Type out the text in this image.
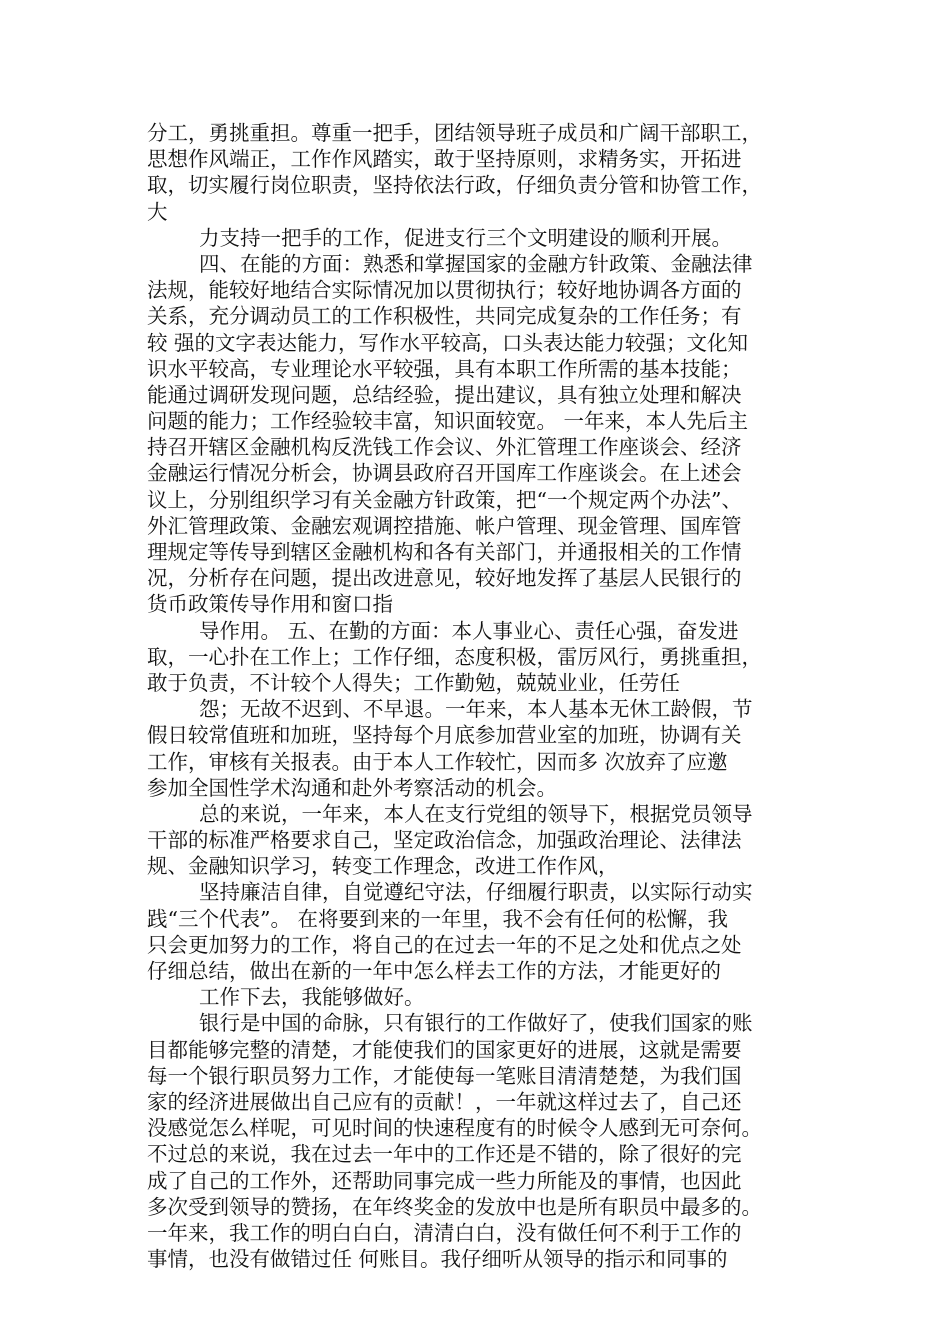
分工，勇挑重担。尊重一把手，团结领导班子成员和广阔干部职工，
思想作风端正，工作作风踏实，敢于坚持原则，求精务实，开拓进
取，切实履行岗位职责，坚持依法行政，仔细负责分管和协管工作，
大
力支持一把手的工作，促进支行三个文明建设的顺利开展。
四、在能的方面：熟悉和掌握国家的金融方针政策、金融法律
法规，能较好地结合实际情况加以贯彻执行；较好地协调各方面的
关系，充分调动员工的工作积极性，共同完成复杂的工作任务；有
较 强的文字表达能力，写作水平较高，口头表达能力较强；文化知
识水平较高，专业理论水平较强，具有本职工作所需的基本技能；
能通过调研发现问题，总结经验，提出建议，具有独立处理和解决
问题的能力；工作经验较丰富，知识面较宽。 一年来，本人先后主
持召开辖区金融机构反洗钱工作会议、外汇管理工作座谈会、经济
金融运行情况分析会，协调县政府召开国库工作座谈会。在上述会
议上，分别组织学习有关金融方针政策，把“一个规定两个办法”、
外汇管理政策、金融宏观调控措施、帐户管理、现金管理、国库管
理规定等传导到辖区金融机构和各有关部门，并通报相关的工作情
况，分析存在问题，提出改进意见，较好地发挥了基层人民银行的
货币政策传导作用和窗口指
导作用。 五、在勤的方面：本人事业心、责任心强，奋发进
取，一心扑在工作上；工作仔细，态度积极，雷厉风行，勇挑重担，
敢于负责，不计较个人得失；工作勤勉，兢兢业业，任劳任
怨；无故不迟到、不早退。一年来，本人基本无休工龄假，节
假日较常值班和加班，坚持每个月底参加营业室的加班，协调有关
工作，审核有关报表。由于本人工作较忙，因而多 次放弃了应邀
参加全国性学术沟通和赴外考察活动的机会。
总的来说，一年来，本人在支行党组的领导下，根据党员领导
干部的标准严格要求自己，坚定政治信念，加强政治理论、法律法
规、金融知识学习，转变工作理念，改进工作作风，
坚持廉洁自律，自觉遵纪守法，仔细履行职责，以实际行动实
践“三个代表”。 在将要到来的一年里，我不会有任何的松懈，我
只会更加努力的工作，将自己的在过去一年的不足之处和优点之处
仔细总结，做出在新的一年中怎么样去工作的方法，才能更好的
工作下去，我能够做好。
银行是中国的命脉，只有银行的工作做好了，使我们国家的账
目都能够完整的清楚，才能使我们的国家更好的进展，这就是需要
每一个银行职员努力工作，才能使每一笔账目清清楚楚，为我们国
家的经济进展做出自己应有的贡献！，一年就这样过去了，自己还
没感觉怎么样呢，可见时间的快速程度有的时候令人感到无可奈何。
不过总的来说，我在过去一年中的工作还是不错的，除了很好的完
成了自己的工作外，还帮助同事完成一些力所能及的事情，也因此
多次受到领导的赞扬，在年终奖金的发放中也是所有职员中最多的。
一年来，我工作的明白白白，清清白白，没有做任何不利于工作的
事情，也没有做错过任 何账目。我仔细听从领导的指示和同事的
